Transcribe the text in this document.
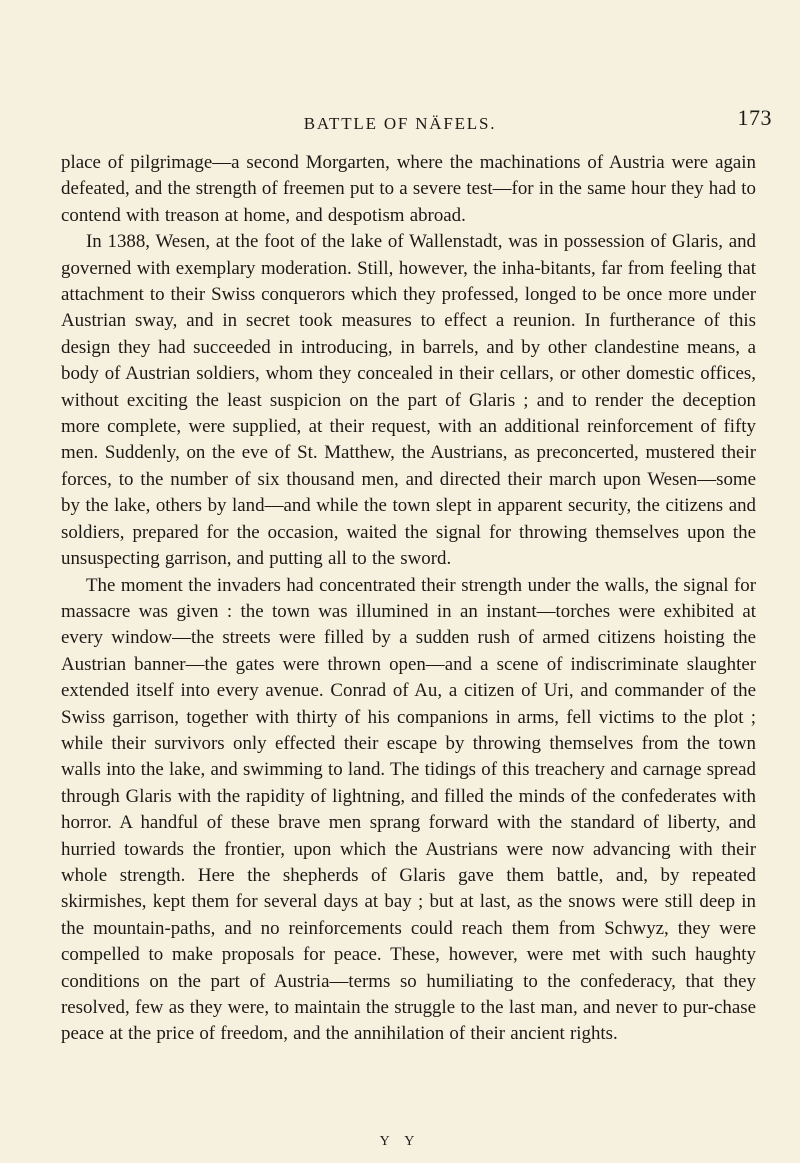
BATTLE OF NÄFELS.	173

place of pilgrimage—a second Morgarten, where the machinations of Austria were again defeated, and the strength of freemen put to a severe test—for in the same hour they had to contend with treason at home, and despotism abroad.

In 1388, Wesen, at the foot of the lake of Wallenstadt, was in possession of Glaris, and governed with exemplary moderation. Still, however, the inha-bitants, far from feeling that attachment to their Swiss conquerors which they professed, longed to be once more under Austrian sway, and in secret took measures to effect a reunion. In furtherance of this design they had succeeded in introducing, in barrels, and by other clandestine means, a body of Austrian soldiers, whom they concealed in their cellars, or other domestic offices, without exciting the least suspicion on the part of Glaris ; and to render the deception more complete, were supplied, at their request, with an additional reinforcement of fifty men. Suddenly, on the eve of St. Matthew, the Austrians, as preconcerted, mustered their forces, to the number of six thousand men, and directed their march upon Wesen—some by the lake, others by land—and while the town slept in apparent security, the citizens and soldiers, prepared for the occasion, waited the signal for throwing themselves upon the unsuspecting garrison, and putting all to the sword.

The moment the invaders had concentrated their strength under the walls, the signal for massacre was given : the town was illumined in an instant—torches were exhibited at every window—the streets were filled by a sudden rush of armed citizens hoisting the Austrian banner—the gates were thrown open—and a scene of indiscriminate slaughter extended itself into every avenue. Conrad of Au, a citizen of Uri, and commander of the Swiss garrison, together with thirty of his companions in arms, fell victims to the plot ; while their survivors only effected their escape by throwing themselves from the town walls into the lake, and swimming to land. The tidings of this treachery and carnage spread through Glaris with the rapidity of lightning, and filled the minds of the confederates with horror. A handful of these brave men sprang forward with the standard of liberty, and hurried towards the frontier, upon which the Austrians were now advancing with their whole strength. Here the shepherds of Glaris gave them battle, and, by repeated skirmishes, kept them for several days at bay ; but at last, as the snows were still deep in the mountain-paths, and no reinforcements could reach them from Schwyz, they were compelled to make proposals for peace. These, however, were met with such haughty conditions on the part of Austria—terms so humiliating to the confederacy, that they resolved, few as they were, to maintain the struggle to the last man, and never to pur-chase peace at the price of freedom, and the annihilation of their ancient rights.

Y Y
